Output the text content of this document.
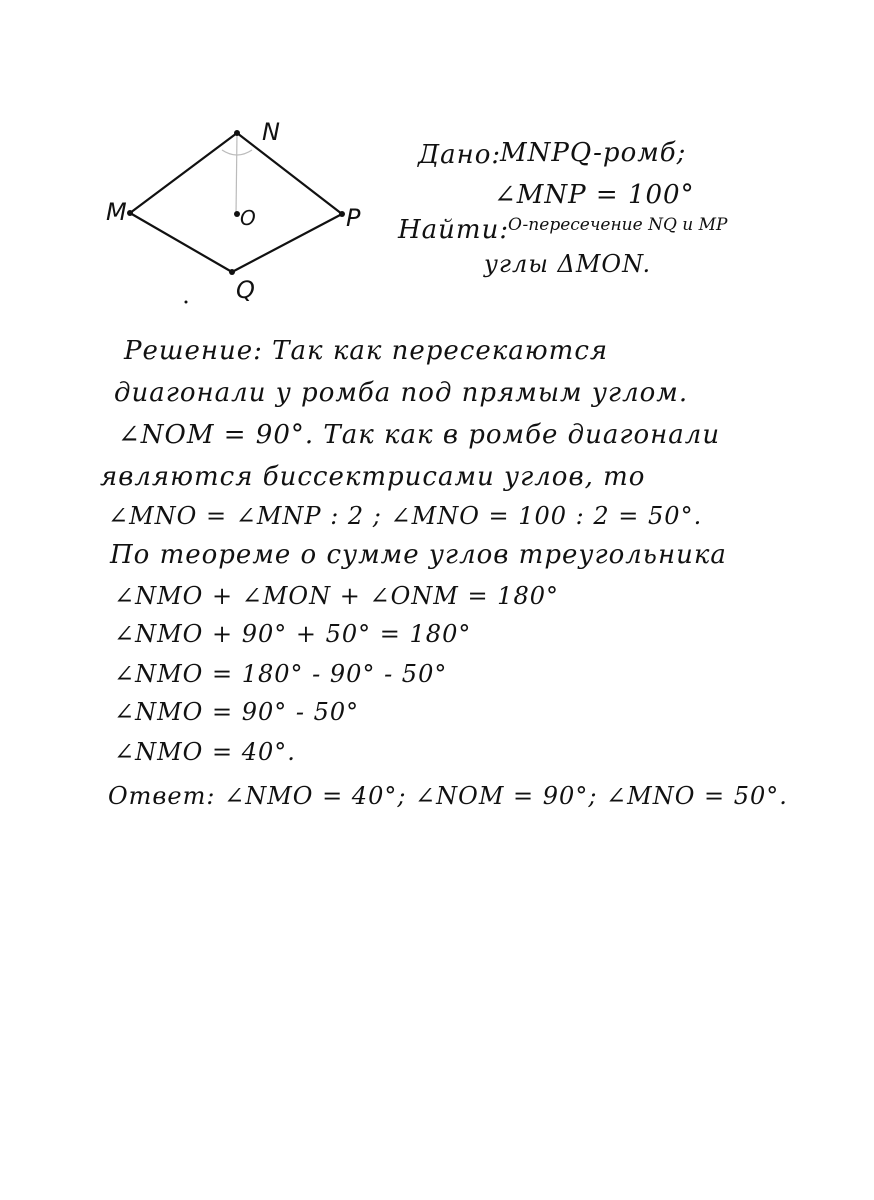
N
M	P
Q
O
Дано:
MNPQ-ромб;
∠MNP = 100°
O-пересечение NQ и MP
Найти:
углы ΔMON.
Решение: Так как пересекаются
диагонали у ромба под прямым углом.
∠NOM = 90°. Так как в ромбе диагонали
являются биссектрисами углов, то
∠MNO = ∠MNP : 2 ; ∠MNO = 100 : 2 = 50°.
По теореме о сумме углов треугольника
∠NMO + ∠MON + ∠ONM = 180°
∠NMO + 90° + 50° = 180°
∠NMO = 180° - 90° - 50°
∠NMO = 90° - 50°
∠NMO = 40°.
Ответ: ∠NMO = 40°; ∠NOM = 90°; ∠MNO = 50°.
